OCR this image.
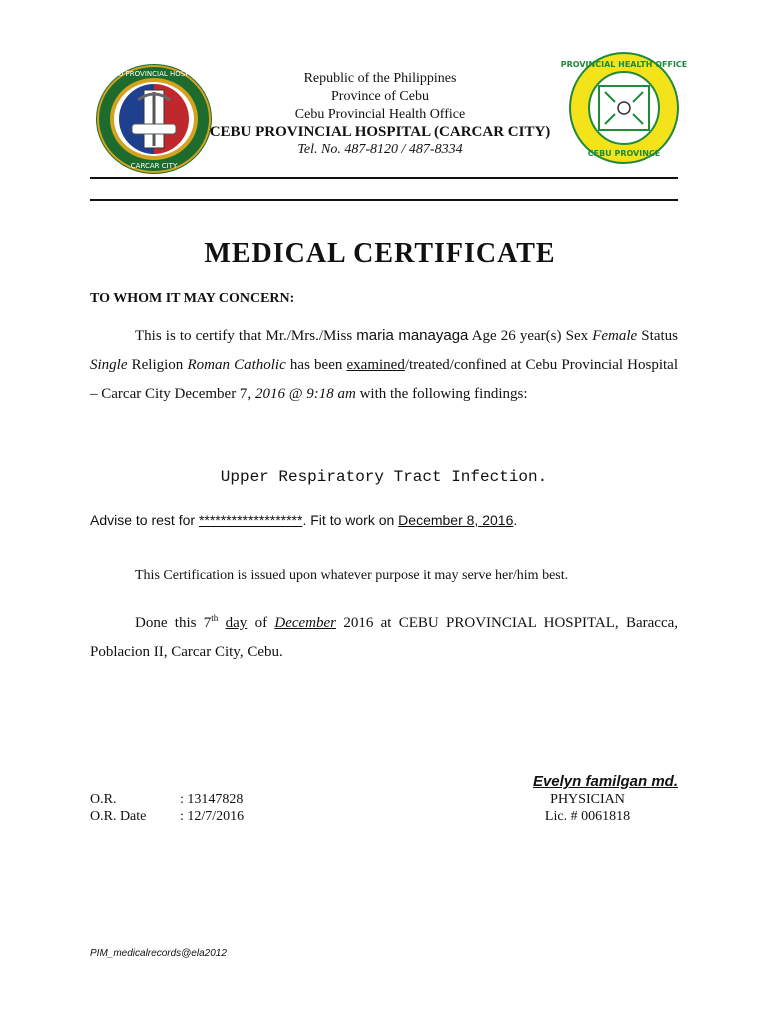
CEBU PROVINCIAL HOSPITAL
CARCAR CITY
PROVINCIAL HEALTH OFFICE
CEBU PROVINCE
Republic of the Philippines
Province of Cebu
Cebu Provincial Health Office
CEBU PROVINCIAL HOSPITAL (CARCAR CITY)
Tel. No. 487-8120 / 487-8334
MEDICAL CERTIFICATE
TO WHOM IT MAY CONCERN:
This is to certify that Mr./Mrs./Miss maria manayaga Age 26 year(s) Sex Female Status Single Religion Roman Catholic has been examined/treated/confined at Cebu Provincial Hospital – Carcar City December 7, 2016 @ 9:18 am with the following findings:
Upper Respiratory Tract Infection.
Advise to rest for *******************. Fit to work on December 8, 2016.
This Certification is issued upon whatever purpose it may serve her/him best.
Done this 7th day of December 2016 at CEBU PROVINCIAL HOSPITAL, Baracca, Poblacion II, Carcar City, Cebu.
Evelyn familgan md.
PHYSICIAN
Lic. # 0061818
O.R.	: 13147828
O.R. Date : 12/7/2016
PIM_medicalrecords@ela2012
